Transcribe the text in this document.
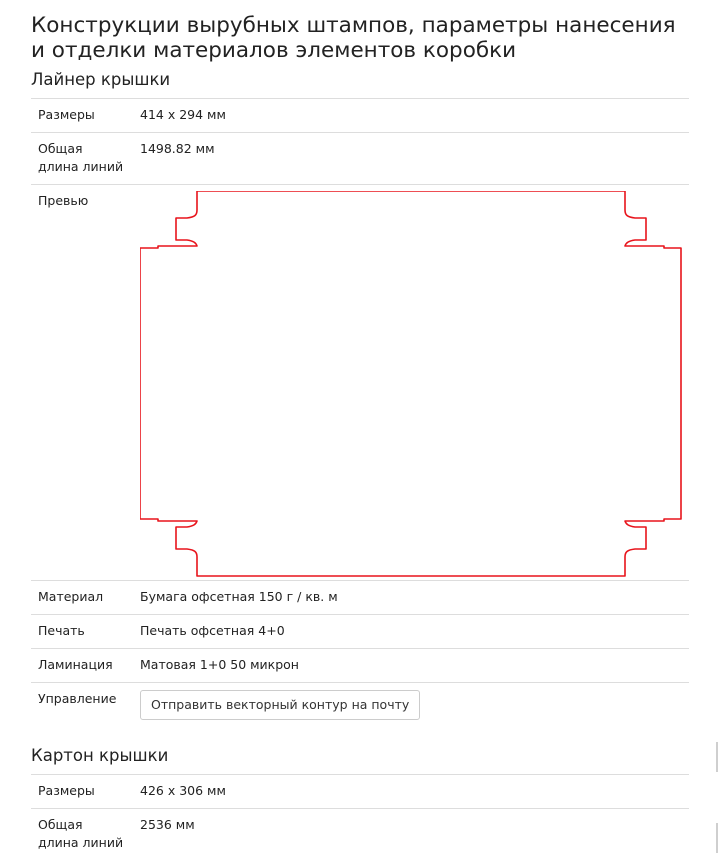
Конструкции вырубных штампов, параметры нанесения и отделки материалов элементов коробки
Лайнер крышки
Размеры	414 x 294 мм
Общая длина линий	1498.82 мм
Превью	

Материал	Бумага офсетная 150 г / кв. м
Печать	Печать офсетная 4+0
Ламинация	Матовая 1+0 50 микрон
Управление	Отправить векторный контур на почту
Картон крышки
Размеры	426 x 306 мм
Общая длина линий	2536 мм
